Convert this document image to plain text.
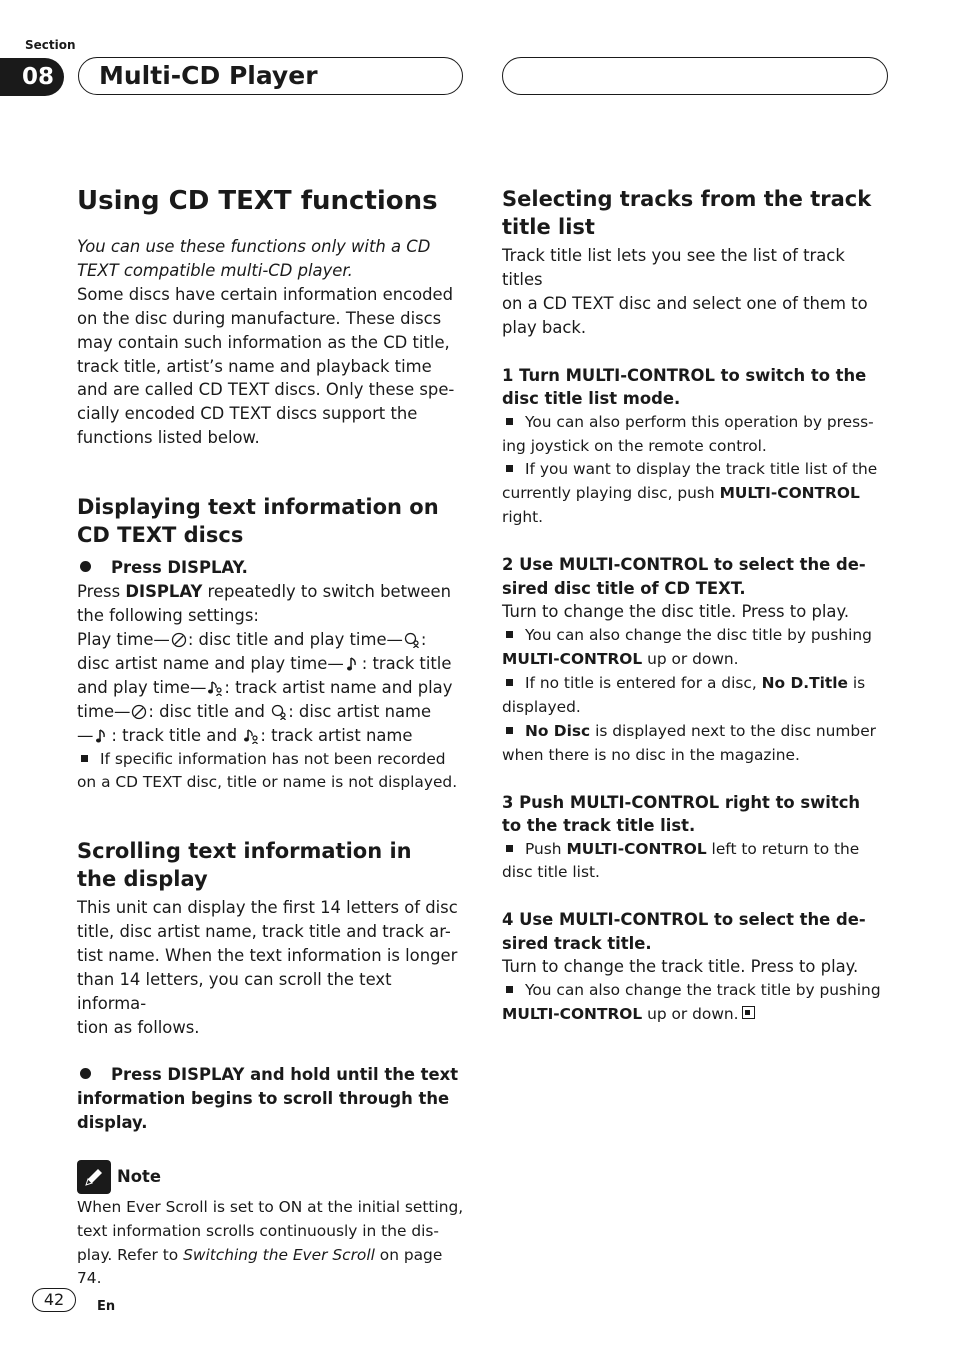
Section
08	Multi-CD Player
Using CD TEXT functions

You can use these functions only with a CD
TEXT compatible multi-CD player.

Some discs have certain information encoded
on the disc during manufacture. These discs
may contain such information as the CD title,
track title, artist’s name and playback time
and are called CD TEXT discs. Only these spe-
cially encoded CD TEXT discs support the
functions listed below.

Displaying text information on
CD TEXT discs

Press DISPLAY.

Press DISPLAY repeatedly to switch between
the following settings:
Play time— : disc title and play time— :
disc artist name and play time— : track title
and play time— : track artist name and play
time— : disc title and : disc artist name
— : track title and : track artist name

If specific information has not been recorded
on a CD TEXT disc, title or name is not displayed.

Scrolling text information in
the display

This unit can display the first 14 letters of disc
title, disc artist name, track title and track ar-
tist name. When the text information is longer
than 14 letters, you can scroll the text informa-
tion as follows.

Press DISPLAY and hold until the text
information begins to scroll through the
display.

Note

When Ever Scroll is set to ON at the initial setting,
text information scrolls continuously in the dis-
play. Refer to Switching the Ever Scroll on page 74.

Selecting tracks from the track
title list

Track title list lets you see the list of track titles
on a CD TEXT disc and select one of them to
play back.

1 Turn MULTI-CONTROL to switch to the
disc title list mode.

You can also perform this operation by press-
ing joystick on the remote control.
If you want to display the track title list of the
currently playing disc, push MULTI-CONTROL
right.

2 Use MULTI-CONTROL to select the de-
sired disc title of CD TEXT.

Turn to change the disc title. Press to play.

You can also change the disc title by pushing
MULTI-CONTROL up or down.
If no title is entered for a disc, No D.Title is
displayed.
No Disc is displayed next to the disc number
when there is no disc in the magazine.

3 Push MULTI-CONTROL right to switch
to the track title list.

Push MULTI-CONTROL left to return to the
disc title list.

4 Use MULTI-CONTROL to select the de-
sired track title.

Turn to change the track title. Press to play.

You can also change the track title by pushing
MULTI-CONTROL up or down.

42	En
